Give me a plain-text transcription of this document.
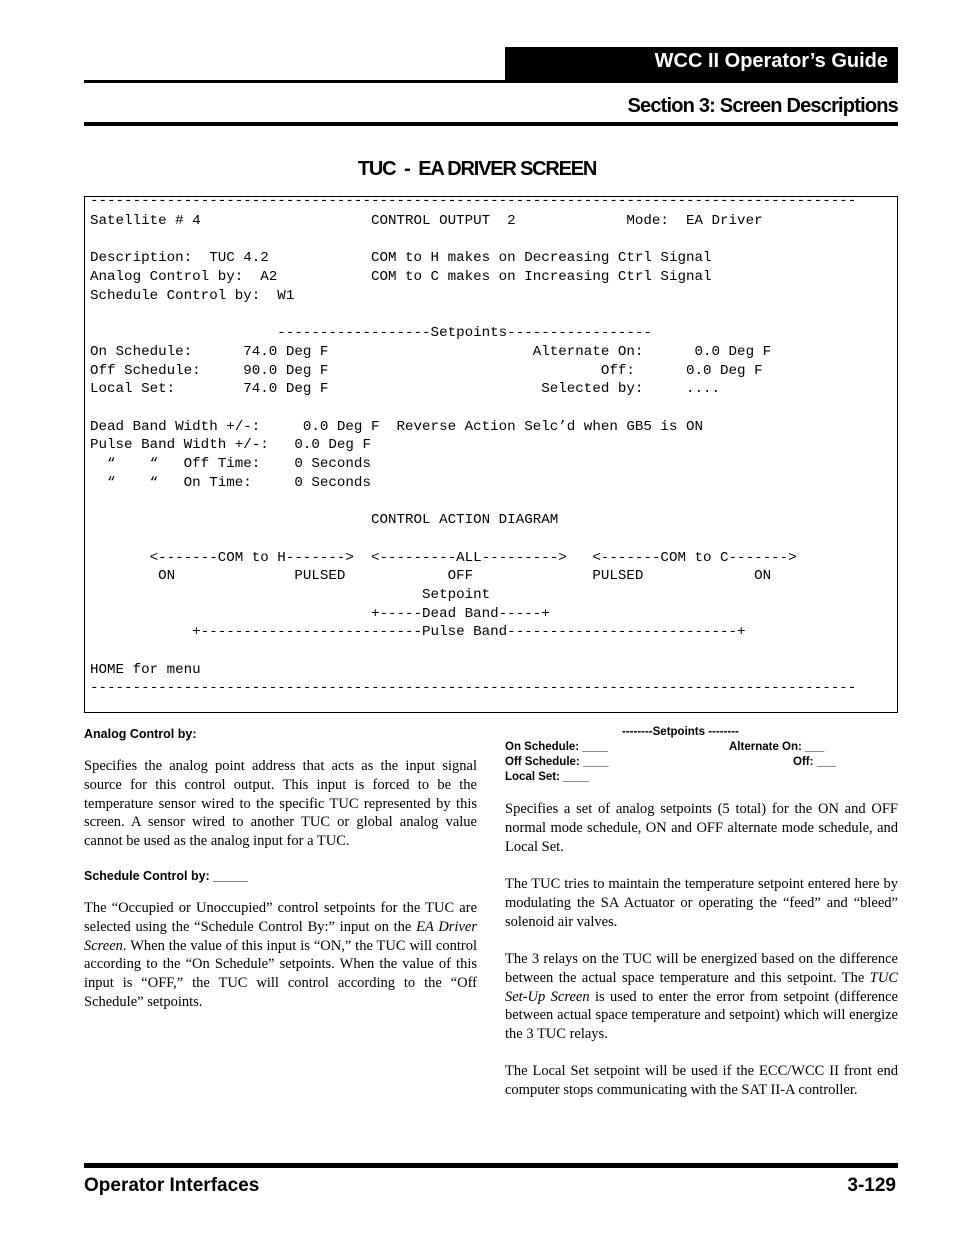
WCC II Operator’s Guide
Section 3: Screen Descriptions
TUC  -  EA DRIVER SCREEN
------------------------------------------------------------------------------------------
Satellite # 4                    CONTROL OUTPUT  2             Mode:  EA Driver
Description:  TUC 4.2            COM to H makes on Decreasing Ctrl Signal
Analog Control by:  A2           COM to C makes on Increasing Ctrl Signal
Schedule Control by:  W1
------------------Setpoints-----------------
On Schedule:      74.0 Deg F                        Alternate On:      0.0 Deg F
Off Schedule:     90.0 Deg F                                Off:      0.0 Deg F
Local Set:        74.0 Deg F                         Selected by:     ....
Dead Band Width +/-:     0.0 Deg F  Reverse Action Selc’d when GB5 is ON
Pulse Band Width +/-:   0.0 Deg F
“    “   Off Time:    0 Seconds
“    “   On Time:     0 Seconds
CONTROL ACTION DIAGRAM
<-------COM to H------->  <---------ALL--------->   <-------COM to C------->
ON              PULSED            OFF              PULSED             ON
Setpoint
+-----Dead Band-----+
+--------------------------Pulse Band---------------------------+
HOME for menu
------------------------------------------------------------------------------------------
Analog Control by:
Specifies the analog point address that acts as the input signal source for this control output. This input is forced to be the temperature sensor wired to the specific TUC represented by this screen. A sensor wired to another TUC or global analog value cannot be used as the analog input for a TUC.
Schedule Control by: _____
The “Occupied or Unoccupied” control setpoints for the TUC are selected using the “Schedule Control By:” input on the EA Driver Screen. When the value of this input is “ON,” the TUC will control according to the “On Schedule” setpoints. When the value of this input is “OFF,” the TUC will control according to the “Off Schedule” setpoints.
--------Setpoints --------
On Schedule: ____	Alternate On: ___
Off Schedule: ____	Off: ___
Local Set: ____
Specifies a set of analog setpoints (5 total) for the ON and OFF normal mode schedule, ON and OFF alternate mode schedule, and Local Set.
The TUC tries to maintain the temperature setpoint entered here by modulating the SA Actuator or operating the “feed” and “bleed” solenoid air valves.
The 3 relays on the TUC will be energized based on the difference between the actual space temperature and this setpoint. The TUC Set-Up Screen is used to enter the error from setpoint (difference between actual space temperature and setpoint) which will energize the 3 TUC relays.
The Local Set setpoint will be used if the ECC/WCC II front end computer stops communicating with the SAT II-A controller.
Operator Interfaces	3-129
